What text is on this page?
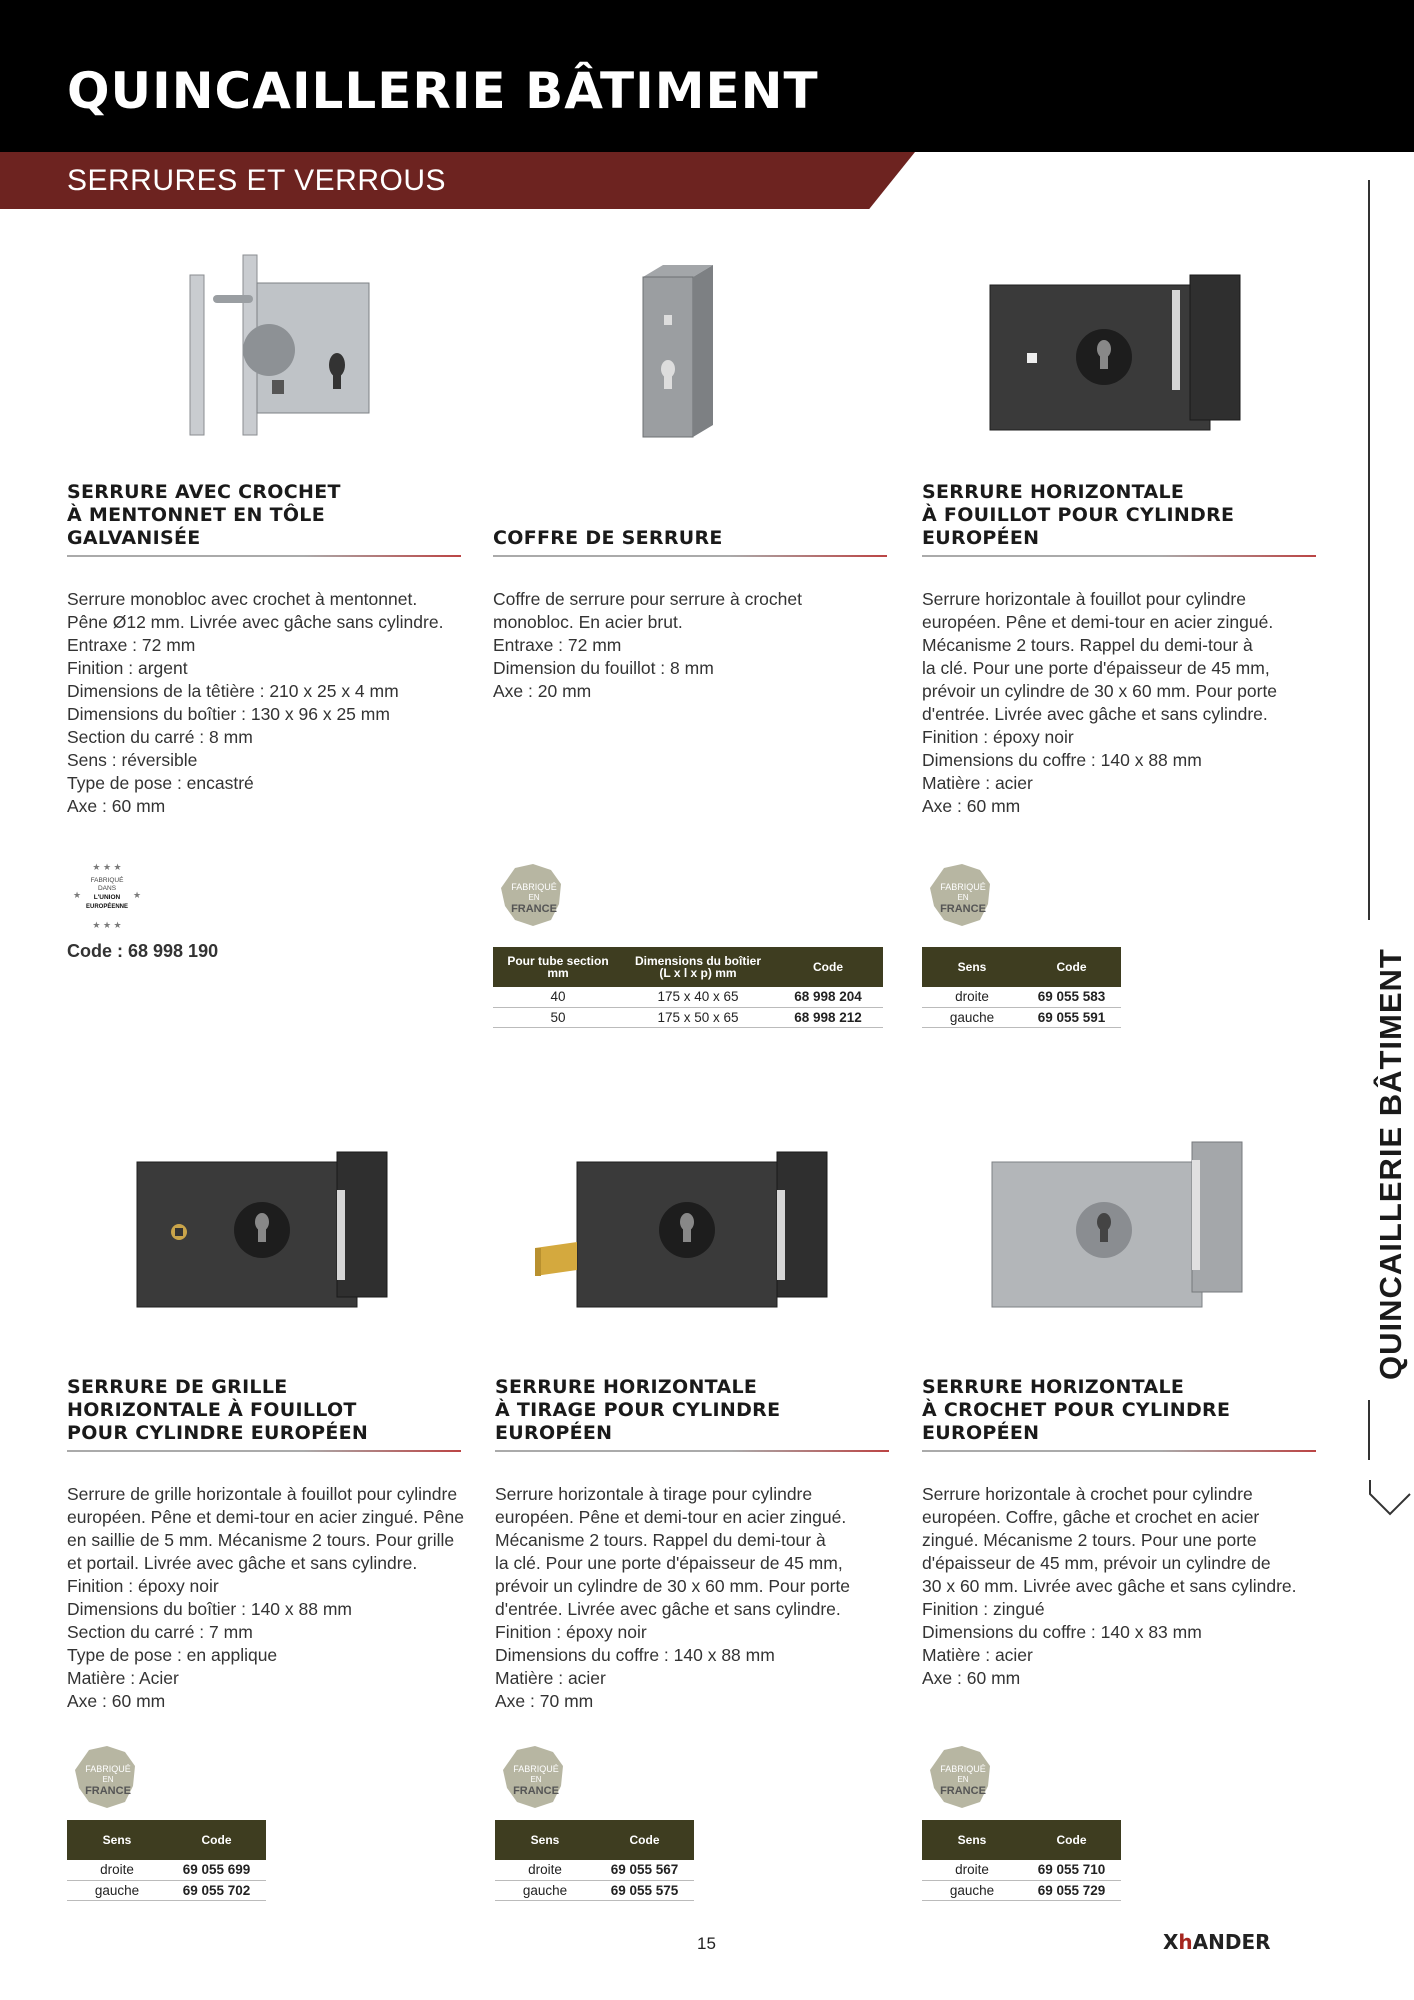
QUINCAILLERIE BÂTIMENT
SERRURES ET VERROUS
QUINCAILLERIE BÂTIMENT
SERRURE AVEC CROCHET
À MENTONNET EN TÔLE
GALVANISÉE
Serrure monobloc avec crochet à mentonnet.
Pêne Ø12 mm. Livrée avec gâche sans cylindre.
Entraxe : 72 mm
Finition : argent
Dimensions de la têtière : 210 x 25 x 4 mm
Dimensions du boîtier : 130 x 96 x 25 mm
Section du carré : 8 mm
Sens : réversible
Type de pose : encastré
Axe : 60 mm
★ ★ ★
★ ★ ★
★	★
FABRIQUÉ
DANS
L'UNION
EUROPÉENNE
Code : 68 998 190
COFFRE DE SERRURE
Coffre de serrure pour serrure à crochet
monobloc. En acier brut.
Entraxe : 72 mm
Dimension du fouillot : 8 mm
Axe : 20 mm
FABRIQUÉ
EN
FRANCE
Pour tube section mm	Dimensions du boîtier (L x l x p) mm	Code
40	175 x 40 x 65	68 998 204
50	175 x 50 x 65	68 998 212
SERRURE HORIZONTALE
À FOUILLOT POUR CYLINDRE
EUROPÉEN
Serrure horizontale à fouillot pour cylindre
européen. Pêne et demi-tour en acier zingué.
Mécanisme 2 tours. Rappel du demi-tour à
la clé. Pour une porte d'épaisseur de 45 mm,
prévoir un cylindre de 30 x 60 mm. Pour porte
d'entrée. Livrée avec gâche et sans cylindre.
Finition : époxy noir
Dimensions du coffre : 140 x 88 mm
Matière : acier
Axe : 60 mm
FABRIQUÉ
EN
FRANCE
Sens	Code
droite	69 055 583
gauche	69 055 591
SERRURE DE GRILLE
HORIZONTALE À FOUILLOT
POUR CYLINDRE EUROPÉEN
Serrure de grille horizontale à fouillot pour cylindre
européen. Pêne et demi-tour en acier zingué. Pêne
en saillie de 5 mm. Mécanisme 2 tours. Pour grille
et portail. Livrée avec gâche et sans cylindre.
Finition : époxy noir
Dimensions du boîtier : 140 x 88 mm
Section du carré : 7 mm
Type de pose : en applique
Matière : Acier
Axe : 60 mm
FABRIQUÉ
EN
FRANCE
Sens	Code
droite	69 055 699
gauche	69 055 702
SERRURE HORIZONTALE
À TIRAGE POUR CYLINDRE
EUROPÉEN
Serrure horizontale à tirage pour cylindre
européen. Pêne et demi-tour en acier zingué.
Mécanisme 2 tours. Rappel du demi-tour à
la clé. Pour une porte d'épaisseur de 45 mm,
prévoir un cylindre de 30 x 60 mm. Pour porte
d'entrée. Livrée avec gâche et sans cylindre.
Finition : époxy noir
Dimensions du coffre : 140 x 88 mm
Matière : acier
Axe : 70 mm
FABRIQUÉ
EN
FRANCE
Sens	Code
droite	69 055 567
gauche	69 055 575
SERRURE HORIZONTALE
À CROCHET POUR CYLINDRE
EUROPÉEN
Serrure horizontale à crochet pour cylindre
européen. Coffre, gâche et crochet en acier
zingué. Mécanisme 2 tours. Pour une porte
d'épaisseur de 45 mm, prévoir un cylindre de
30 x 60 mm. Livrée avec gâche et sans cylindre.
Finition : zingué
Dimensions du coffre : 140 x 83 mm
Matière : acier
Axe : 60 mm
FABRIQUÉ
EN
FRANCE
Sens	Code
droite	69 055 710
gauche	69 055 729
15	XhANDER
